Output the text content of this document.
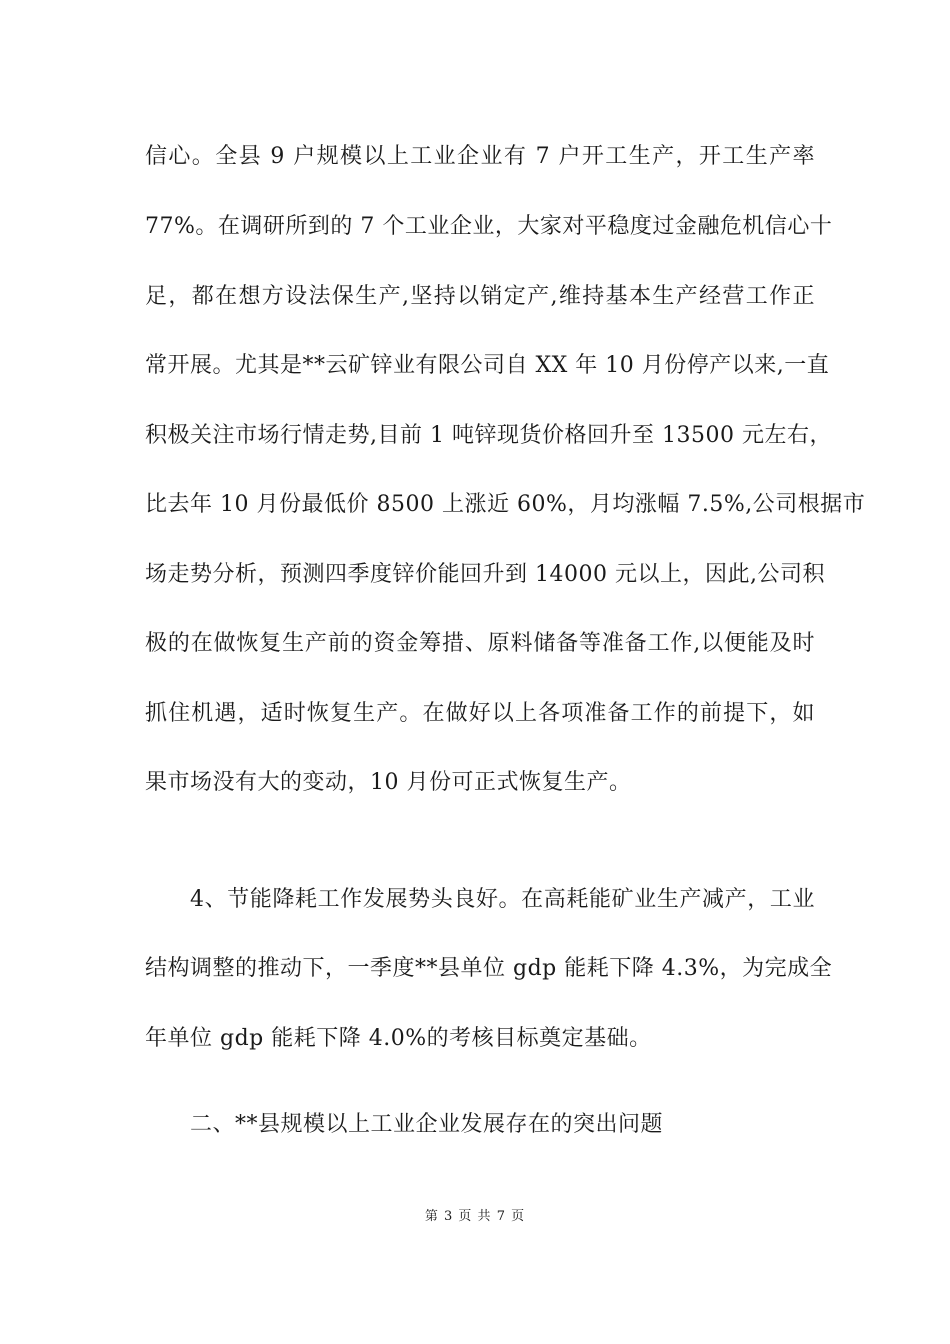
信心。全县 9 户规模以上工业企业有 7 户开工生产，开工生产率
77%。在调研所到的 7 个工业企业，大家对平稳度过金融危机信心十
足，都在想方设法保生产,坚持以销定产,维持基本生产经营工作正
常开展。尤其是**云矿锌业有限公司自 XX 年 10 月份停产以来,一直
积极关注市场行情走势,目前 1 吨锌现货价格回升至 13500 元左右，
比去年 10 月份最低价 8500 上涨近 60%，月均涨幅 7.5%,公司根据市
场走势分析，预测四季度锌价能回升到 14000 元以上，因此,公司积
极的在做恢复生产前的资金筹措、原料储备等准备工作,以便能及时
抓住机遇，适时恢复生产。在做好以上各项准备工作的前提下，如
果市场没有大的变动，10 月份可正式恢复生产。
4、节能降耗工作发展势头良好。在高耗能矿业生产减产，工业
结构调整的推动下，一季度**县单位 gdp 能耗下降 4.3%，为完成全
年单位 gdp 能耗下降 4.0%的考核目标奠定基础。
二、**县规模以上工业企业发展存在的突出问题
第 3 页 共 7 页
